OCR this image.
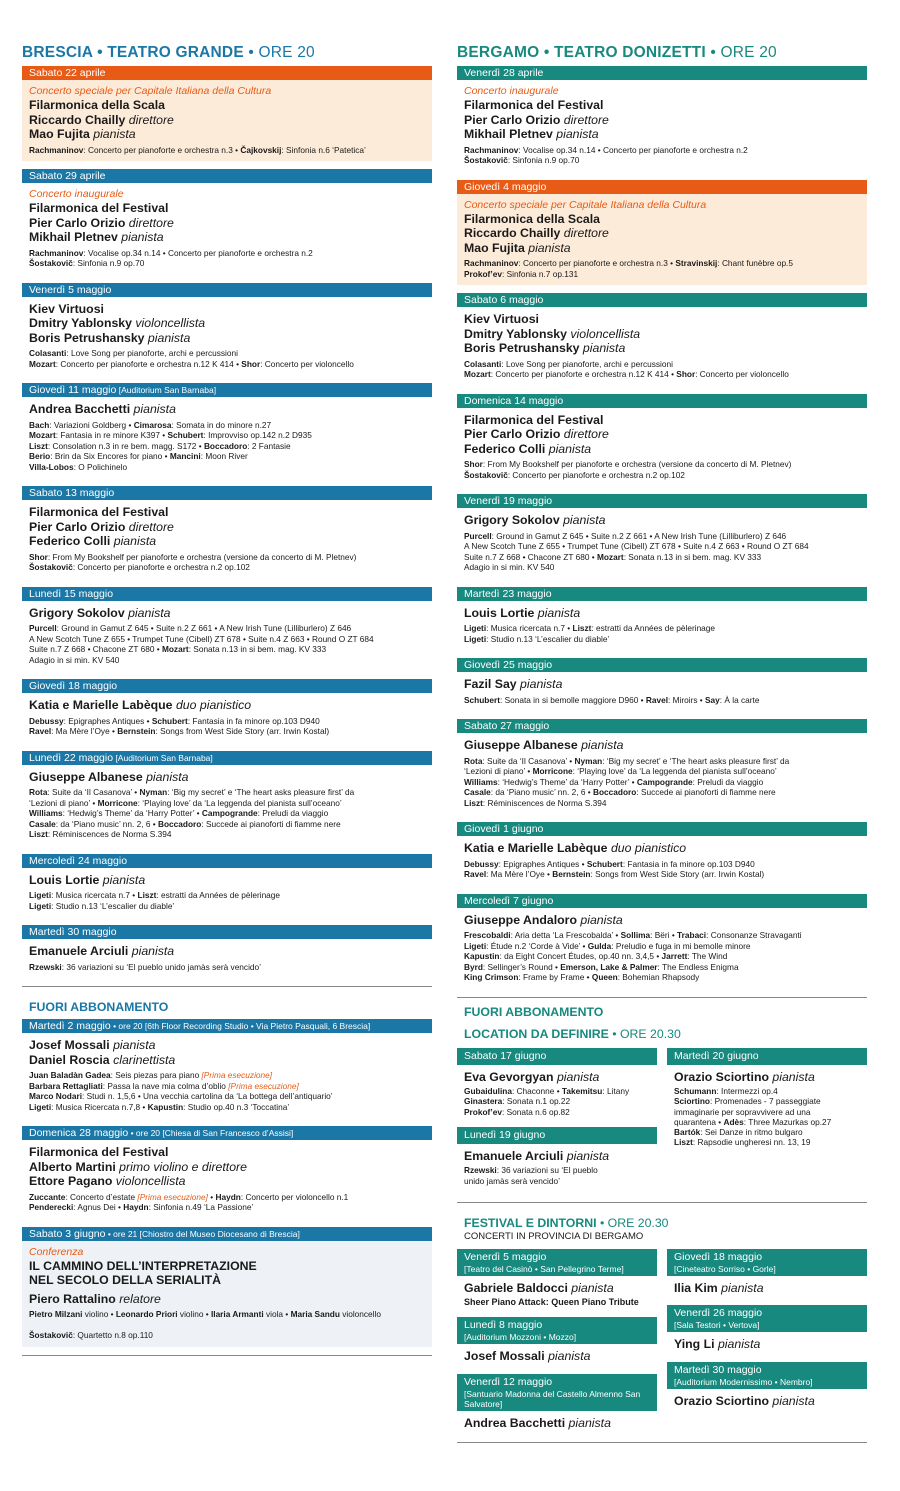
BRESCIA • TEATRO GRANDE • ORE 20
Sabato 22 aprile
Concerto speciale per Capitale Italiana della Cultura
Filarmonica della Scala
Riccardo Chailly direttore
Mao Fujita pianista
Rachmaninov: Concerto per pianoforte e orchestra n.3 • Čajkovskij: Sinfonia n.6 ‘Patetica’
Sabato 29 aprile
Concerto inaugurale
Filarmonica del Festival
Pier Carlo Orizio direttore
Mikhail Pletnev pianista
Rachmaninov: Vocalise op.34 n.14 • Concerto per pianoforte e orchestra n.2
Šostakovič: Sinfonia n.9 op.70
Venerdì 5 maggio
Kiev Virtuosi
Dmitry Yablonsky violoncellista
Boris Petrushansky pianista
Colasanti: Love Song per pianoforte, archi e percussioni
Mozart: Concerto per pianoforte e orchestra n.12 K 414 • Shor: Concerto per violoncello
Giovedì 11 maggio [Auditorium San Barnaba]
Andrea Bacchetti pianista
Bach: Variazioni Goldberg • Cimarosa: Somata in do minore n.27
Mozart: Fantasia in re minore K397 • Schubert: Improvviso op.142 n.2 D935
Liszt: Consolation n.3 in re bem. magg. S172 • Boccadoro: 2 Fantasie
Berio: Brin da Six Encores for piano • Mancini: Moon River
Villa-Lobos: O Polichinelo
Sabato 13 maggio
Filarmonica del Festival
Pier Carlo Orizio direttore
Federico Colli pianista
Shor: From My Bookshelf per pianoforte e orchestra (versione da concerto di M. Pletnev)
Šostakovič: Concerto per pianoforte e orchestra n.2 op.102
Lunedì 15 maggio
Grigory Sokolov pianista
Purcell: Ground in Gamut Z 645 • Suite n.2 Z 661 • A New Irish Tune (Lilliburlero) Z 646
A New Scotch Tune Z 655 • Trumpet Tune (Cibell) ZT 678 • Suite n.4 Z 663 • Round O ZT 684
Suite n.7 Z 668 • Chacone ZT 680 • Mozart: Sonata n.13 in si bem. mag. KV 333
Adagio in si min. KV 540
Giovedì 18 maggio
Katia e Marielle Labèque duo pianistico
Debussy: Epigraphes Antiques • Schubert: Fantasia in fa minore op.103 D940
Ravel: Ma Mère l’Oye • Bernstein: Songs from West Side Story (arr. Irwin Kostal)
Lunedì 22 maggio [Auditorium San Barnaba]
Giuseppe Albanese pianista
Rota: Suite da ‘Il Casanova’ • Nyman: ‘Big my secret’ e ‘The heart asks pleasure first’ da
‘Lezioni di piano’ • Morricone: ‘Playing love’ da ‘La leggenda del pianista sull’oceano’
Williams: ‘Hedwig’s Theme’ da ‘Harry Potter’ • Campogrande: Preludi da viaggio
Casale: da ‘Piano music’ nn. 2, 6 • Boccadoro: Succede ai pianoforti di fiamme nere
Liszt: Réminiscences de Norma S.394
Mercoledì 24 maggio
Louis Lortie pianista
Ligeti: Musica ricercata n.7 • Liszt: estratti da Années de pèlerinage
Ligeti: Studio n.13 ‘L’escalier du diable’
Martedì 30 maggio
Emanuele Arciuli pianista
Rzewski: 36 variazioni su ‘El pueblo unido jamàs serà vencido’
FUORI ABBONAMENTO
Martedì 2 maggio • ore 20 [6th Floor Recording Studio • Via Pietro Pasquali, 6 Brescia]
Josef Mossali pianista
Daniel Roscia clarinettista
Juan Baladàn Gadea: Seis piezas para piano [Prima esecuzione]
Barbara Rettagliati: Passa la nave mia colma d’oblio [Prima esecuzione]
Marco Nodari: Studi n. 1,5,6 • Una vecchia cartolina da ‘La bottega dell’antiquario’
Ligeti: Musica Ricercata n.7,8 • Kapustin: Studio op.40 n.3 ‘Toccatina’
Domenica 28 maggio • ore 20 [Chiesa di San Francesco d’Assisi]
Filarmonica del Festival
Alberto Martini primo violino e direttore
Ettore Pagano violoncellista
Zuccante: Concerto d’estate [Prima esecuzione] • Haydn: Concerto per violoncello n.1
Penderecki: Agnus Dei • Haydn: Sinfonia n.49 ‘La Passione’
Sabato 3 giugno • ore 21 [Chiostro del Museo Diocesano di Brescia]
Conferenza
IL CAMMINO DELL’INTERPRETAZIONE
NEL SECOLO DELLA SERIALITÀ
Piero Rattalino relatore
Pietro Milzani violino • Leonardo Priori violino • Ilaria Armanti viola • Maria Sandu violoncello

Šostakovič: Quartetto n.8 op.110
BERGAMO • TEATRO DONIZETTI • ORE 20
Venerdì 28 aprile
Concerto inaugurale
Filarmonica del Festival
Pier Carlo Orizio direttore
Mikhail Pletnev pianista
Rachmaninov: Vocalise op.34 n.14 • Concerto per pianoforte e orchestra n.2
Šostakovič: Sinfonia n.9 op.70
Giovedì 4 maggio
Concerto speciale per Capitale Italiana della Cultura
Filarmonica della Scala
Riccardo Chailly direttore
Mao Fujita pianista
Rachmaninov: Concerto per pianoforte e orchestra n.3 • Stravinskij: Chant funèbre op.5
Prokof’ev: Sinfonia n.7 op.131
Sabato 6 maggio
Kiev Virtuosi
Dmitry Yablonsky violoncellista
Boris Petrushansky pianista
Colasanti: Love Song per pianoforte, archi e percussioni
Mozart: Concerto per pianoforte e orchestra n.12 K 414 • Shor: Concerto per violoncello
Domenica 14 maggio
Filarmonica del Festival
Pier Carlo Orizio direttore
Federico Colli pianista
Shor: From My Bookshelf per pianoforte e orchestra (versione da concerto di M. Pletnev)
Šostakovič: Concerto per pianoforte e orchestra n.2 op.102
Venerdì 19 maggio
Grigory Sokolov pianista
Purcell: Ground in Gamut Z 645 • Suite n.2 Z 661 • A New Irish Tune (Lilliburlero) Z 646
A New Scotch Tune Z 655 • Trumpet Tune (Cibell) ZT 678 • Suite n.4 Z 663 • Round O ZT 684
Suite n.7 Z 668 • Chacone ZT 680 • Mozart: Sonata n.13 in si bem. mag. KV 333
Adagio in si min. KV 540
Martedì 23 maggio
Louis Lortie pianista
Ligeti: Musica ricercata n.7 • Liszt: estratti da Années de pèlerinage
Ligeti: Studio n.13 ‘L’escalier du diable’
Giovedì 25 maggio
Fazil Say pianista
Schubert: Sonata in si bemolle maggiore D960 • Ravel: Miroirs • Say: À la carte
Sabato 27 maggio
Giuseppe Albanese pianista
Rota: Suite da ‘Il Casanova’ • Nyman: ‘Big my secret’ e ‘The heart asks pleasure first’ da
‘Lezioni di piano’ • Morricone: ‘Playing love’ da ‘La leggenda del pianista sull’oceano’
Williams: ‘Hedwig’s Theme’ da ‘Harry Potter’ • Campogrande: Preludi da viaggio
Casale: da ‘Piano music’ nn. 2, 6 • Boccadoro: Succede ai pianoforti di fiamme nere
Liszt: Réminiscences de Norma S.394
Giovedì 1 giugno
Katia e Marielle Labèque duo pianistico
Debussy: Epigraphes Antiques • Schubert: Fantasia in fa minore op.103 D940
Ravel: Ma Mère l’Oye • Bernstein: Songs from West Side Story (arr. Irwin Kostal)
Mercoledì 7 giugno
Giuseppe Andaloro pianista
Frescobaldi: Aria detta ‘La Frescobalda’ • Sollima: Bëri • Trabaci: Consonanze Stravaganti
Ligeti: Étude n.2 ‘Corde à Vide’ • Gulda: Preludio e fuga in mi bemolle minore
Kapustin: da Eight Concert Études, op.40 nn. 3,4,5 • Jarrett: The Wind
Byrd: Sellinger’s Round • Emerson, Lake & Palmer: The Endless Enigma
King Crimson: Frame by Frame • Queen: Bohemian Rhapsody
FUORI ABBONAMENTO
LOCATION DA DEFINIRE • ORE 20.30
Sabato 17 giugno
Eva Gevorgyan pianista
Gubaidulina: Chaconne • Takemitsu: Litany
Ginastera: Sonata n.1 op.22
Prokof’ev: Sonata n.6 op.82
Lunedì 19 giugno
Emanuele Arciuli pianista
Rzewski: 36 variazioni su ‘El pueblo
unido jamàs serà vencido’
Martedì 20 giugno
Orazio Sciortino pianista
Schumann: Intermezzi op.4
Sciortino: Promenades - 7 passeggiate
immaginarie per sopravvivere ad una
quarantena • Adès: Three Mazurkas op.27
Bartók: Sei Danze in ritmo bulgaro
Liszt: Rapsodie ungheresi nn. 13, 19
FESTIVAL E DINTORNI • ORE 20.30
CONCERTI IN PROVINCIA DI BERGAMO
Venerdì 5 maggio
[Teatro del Casinò • San Pellegrino Terme]
Gabriele Baldocci pianista
Sheer Piano Attack: Queen Piano Tribute
Lunedì 8 maggio
[Auditorium Mozzoni • Mozzo]
Josef Mossali pianista
Venerdì 12 maggio
[Santuario Madonna del Castello Almenno San Salvatore]
Andrea Bacchetti pianista
Giovedì 18 maggio
[Cineteatro Sorriso • Gorle]
Ilia Kim pianista
Venerdì 26 maggio
[Sala Testori • Vertova]
Ying Li pianista
Martedì 30 maggio
[Auditorium Modernissimo • Nembro]
Orazio Sciortino pianista
